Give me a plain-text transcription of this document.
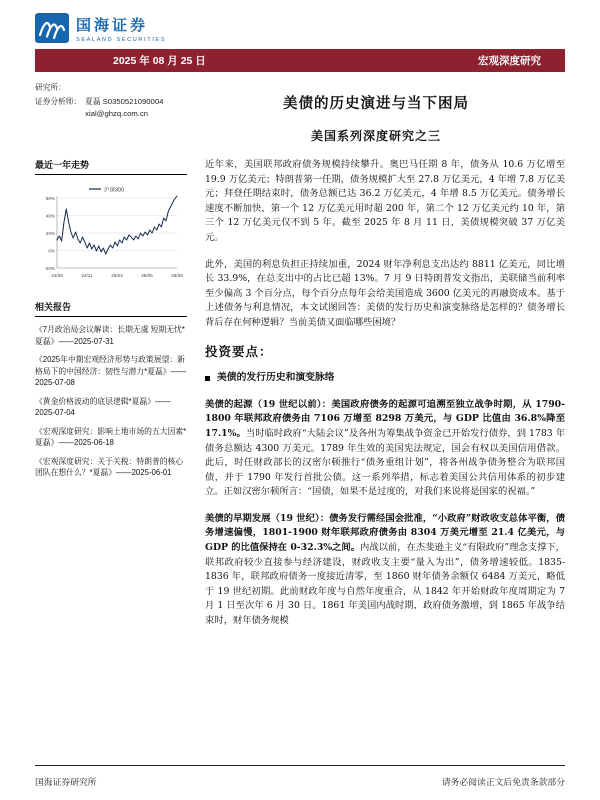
国海证券
SEALAND SECURITIES
2025 年 08 月 25 日	宏观深度研究
研究所：
证券分析师： 夏磊 S0350521090004
xial@ghzq.com.cn
美债的历史演进与当下困局
美国系列深度研究之三
最近一年走势
沪深300
60%
40%
20%
0%
-20%
24/08	24/11	25/02	25/05	25/08
相关报告
《7月政治局会议解读：长期无虞 短期无忧*夏磊》——2025-07-31
《2025年中期宏观经济形势与政策展望：新格局下的中国经济：韧性与潜力*夏磊》——2025-07-08
《黄金价格波动的底层逻辑*夏磊》——2025-07-04
《宏观深度研究：影响土地市场的五大因素*夏磊》——2025-06-18
《宏观深度研究：关于关税：特朗普的核心团队在想什么？*夏磊》——2025-06-01

近年来，美国联邦政府债务规模持续攀升。奥巴马任期 8 年，债务从 10.6 万亿增至 19.9 万亿美元；特朗普第一任期，债务规模扩大至 27.8 万亿美元，4 年增 7.8 万亿美元；拜登任期结束时，债务总额已达 36.2 万亿美元，4 年增 8.5 万亿美元。债务增长速度不断加快，第一个 12 万亿美元用时超 200 年，第二个 12 万亿美元约 10 年，第三个 12 万亿美元仅不到 5 年。截至 2025 年 8 月 11 日，美债规模突破 37 万亿美元。

此外，美国的利息负担正持续加重，2024 财年净利息支出达约 8811 亿美元，同比增长 33.9%，在总支出中的占比已超 13%。7 月 9 日特朗普发文指出，美联储当前利率至少偏高 3 个百分点，每个百分点每年会给美国造成 3600 亿美元的再融资成本。基于上述债务与利息情况，本文试图回答：美债的发行历史和演变脉络是怎样的？债务增长背后存在何种逻辑？当前美债又面临哪些困境？

投资要点：
美债的发行历史和演变脉络

美债的起源（19 世纪以前）：美国政府债务的起源可追溯至独立战争时期，从 1790-1800 年联邦政府债务由 7106 万增至 8298 万美元，与 GDP 比值由 36.8%降至 17.1%。当时临时政府“大陆会议”及各州为筹集战争资金已开始发行债券，到 1783 年债务总额达 4300 万美元。1789 年生效的美国宪法规定，国会有权以美国信用借款。此后，时任财政部长的汉密尔顿推行“债务重组计划”，将各州战争债务整合为联邦国债，并于 1790 年发行首批公债。这一系列举措，标志着美国公共信用体系的初步建立。正如汉密尔顿所言：“国债，如果不是过度的，对我们来说将是国家的祝福。”

美债的早期发展（19 世纪）：债务发行需经国会批准，“小政府”财政收支总体平衡，债务增速偏慢，1801-1900 财年联邦政府债务由 8304 万美元增至 21.4 亿美元，与 GDP 的比值保持在 0-32.3%之间。内战以前，在杰斐逊主义“有限政府”理念支撑下，联邦政府较少直接参与经济建设，财政收支主要“量入为出”，债务增速较低。1835-1836 年，联邦政府债务一度接近清零，至 1860 财年债务余额仅 6484 万美元，略低于 19 世纪初期。此前财政年度与自然年度重合，从 1842 年开始财政年度周期定为 7 月 1 日至次年 6 月 30 日。1861 年美国内战时期，政府债务激增，到 1865 年战争结束时，财年债务规模

国海证券研究所	请务必阅读正文后免责条款部分
